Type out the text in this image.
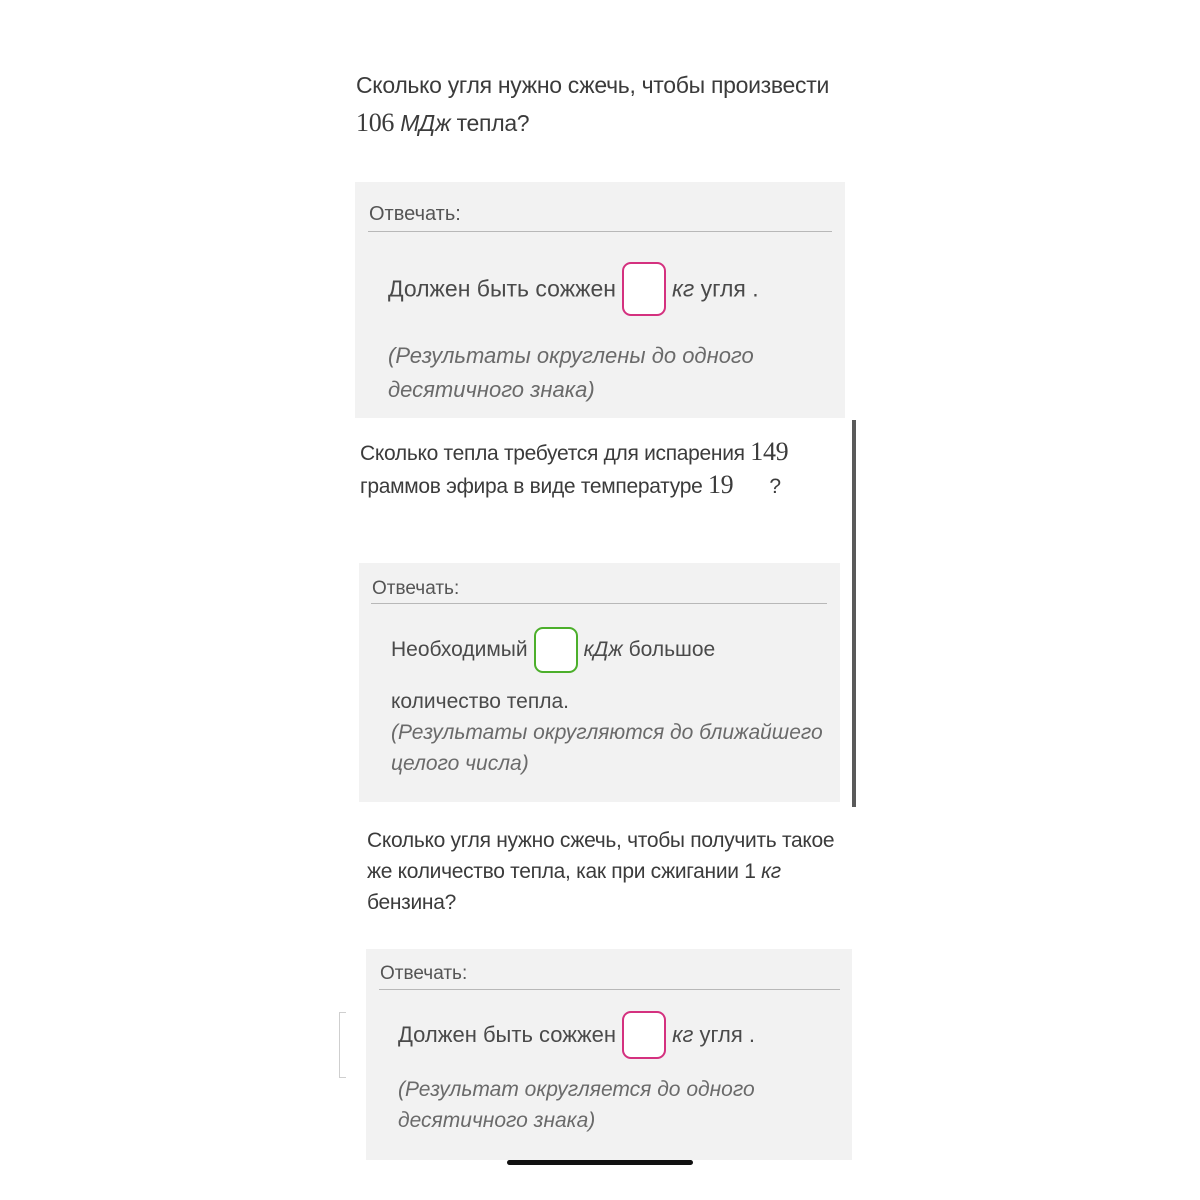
Сколько угля нужно сжечь, чтобы произвести
106 МДж тепла?
Отвечать:
Должен быть сожжен кг угля .
(Результаты округлены до одного
десятичного знака)
Сколько тепла требуется для испарения 149
граммов эфира в виде температуре 19 ?
Отвечать:
Необходимый	кДж большое
количество тепла.
(Результаты округляются до ближайшего
целого числа)
Сколько угля нужно сжечь, чтобы получить такое
же количество тепла, как при сжигании 1 кг
бензина?
Отвечать:
Должен быть сожжен	кг угля .
(Результат округляется до одного
десятичного знака)
